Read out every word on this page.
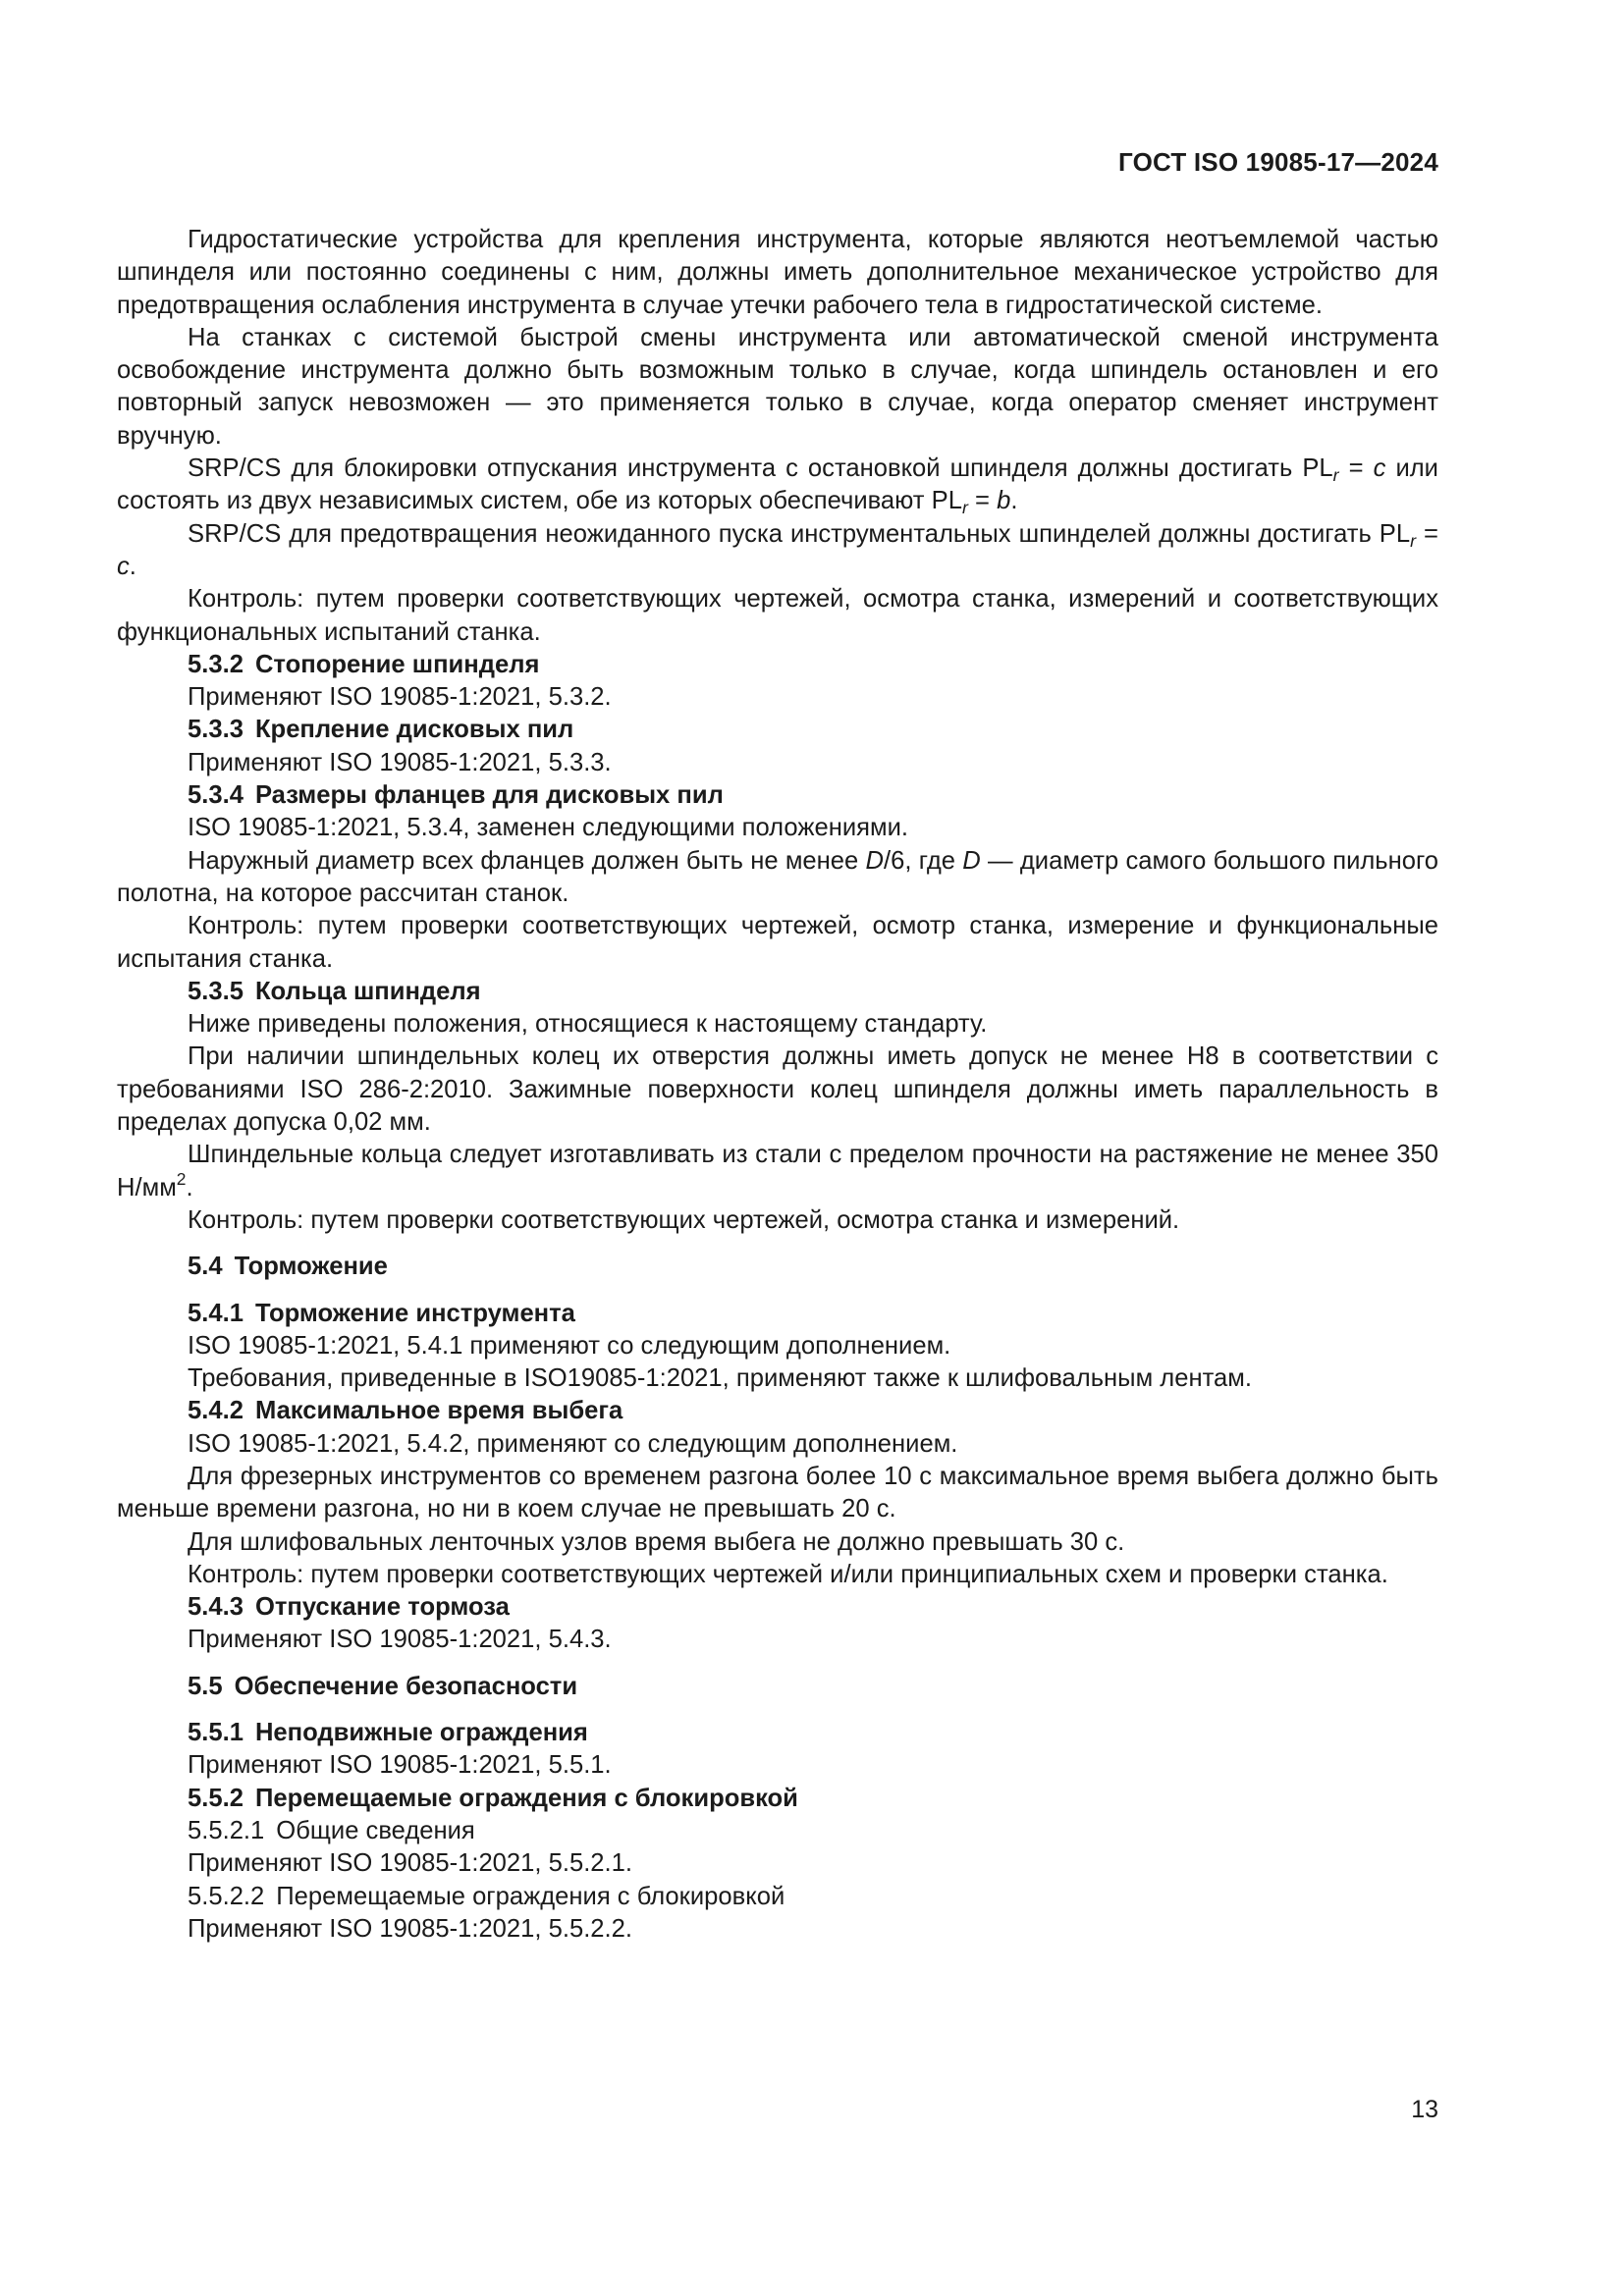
ГОСТ ISO 19085-17—2024

Гидростатические устройства для крепления инструмента, которые являются неотъемлемой частью шпинделя или постоянно соединены с ним, должны иметь дополнительное механическое устройство для предотвращения ослабления инструмента в случае утечки рабочего тела в гидростатической системе.

На станках с системой быстрой смены инструмента или автоматической сменой инструмента освобождение инструмента должно быть возможным только в случае, когда шпиндель остановлен и его повторный запуск невозможен — это применяется только в случае, когда оператор сменяет инструмент вручную.

SRP/CS для блокировки отпускания инструмента с остановкой шпинделя должны достигать $PL_r = c$ или состоять из двух независимых систем, обе из которых обеспечивают $PL_r = b$.

SRP/CS для предотвращения неожиданного пуска инструментальных шпинделей должны достигать $PL_r = c$.

Контроль: путем проверки соответствующих чертежей, осмотра станка, измерений и соответствующих функциональных испытаний станка.

5.3.2 Стопорение шпинделя

Применяют ISO 19085-1:2021, 5.3.2.

5.3.3 Крепление дисковых пил

Применяют ISO 19085-1:2021, 5.3.3.

5.3.4 Размеры фланцев для дисковых пил

ISO 19085-1:2021, 5.3.4, заменен следующими положениями.

Наружный диаметр всех фланцев должен быть не менее D/6, где D — диаметр самого большого пильного полотна, на которое рассчитан станок.

Контроль: путем проверки соответствующих чертежей, осмотр станка, измерение и функциональные испытания станка.

5.3.5 Кольца шпинделя

Ниже приведены положения, относящиеся к настоящему стандарту.

При наличии шпиндельных колец их отверстия должны иметь допуск не менее H8 в соответствии с требованиями ISO 286-2:2010. Зажимные поверхности колец шпинделя должны иметь параллельность в пределах допуска 0,02 мм.

Шпиндельные кольца следует изготавливать из стали с пределом прочности на растяжение не менее 350 $Н/мм^2$.

Контроль: путем проверки соответствующих чертежей, осмотра станка и измерений.

5.4 Торможение

5.4.1 Торможение инструмента

ISO 19085-1:2021, 5.4.1 применяют со следующим дополнением.

Требования, приведенные в ISO19085-1:2021, применяют также к шлифовальным лентам.

5.4.2 Максимальное время выбега

ISO 19085-1:2021, 5.4.2, применяют со следующим дополнением.

Для фрезерных инструментов со временем разгона более 10 с максимальное время выбега должно быть меньше времени разгона, но ни в коем случае не превышать 20 с.

Для шлифовальных ленточных узлов время выбега не должно превышать 30 с.

Контроль: путем проверки соответствующих чертежей и/или принципиальных схем и проверки станка.

5.4.3 Отпускание тормоза

Применяют ISO 19085-1:2021, 5.4.3.

5.5 Обеспечение безопасности

5.5.1 Неподвижные ограждения

Применяют ISO 19085-1:2021, 5.5.1.

5.5.2 Перемещаемые ограждения с блокировкой

5.5.2.1 Общие сведения

Применяют ISO 19085-1:2021, 5.5.2.1.

5.5.2.2 Перемещаемые ограждения с блокировкой

Применяют ISO 19085-1:2021, 5.5.2.2.

13
